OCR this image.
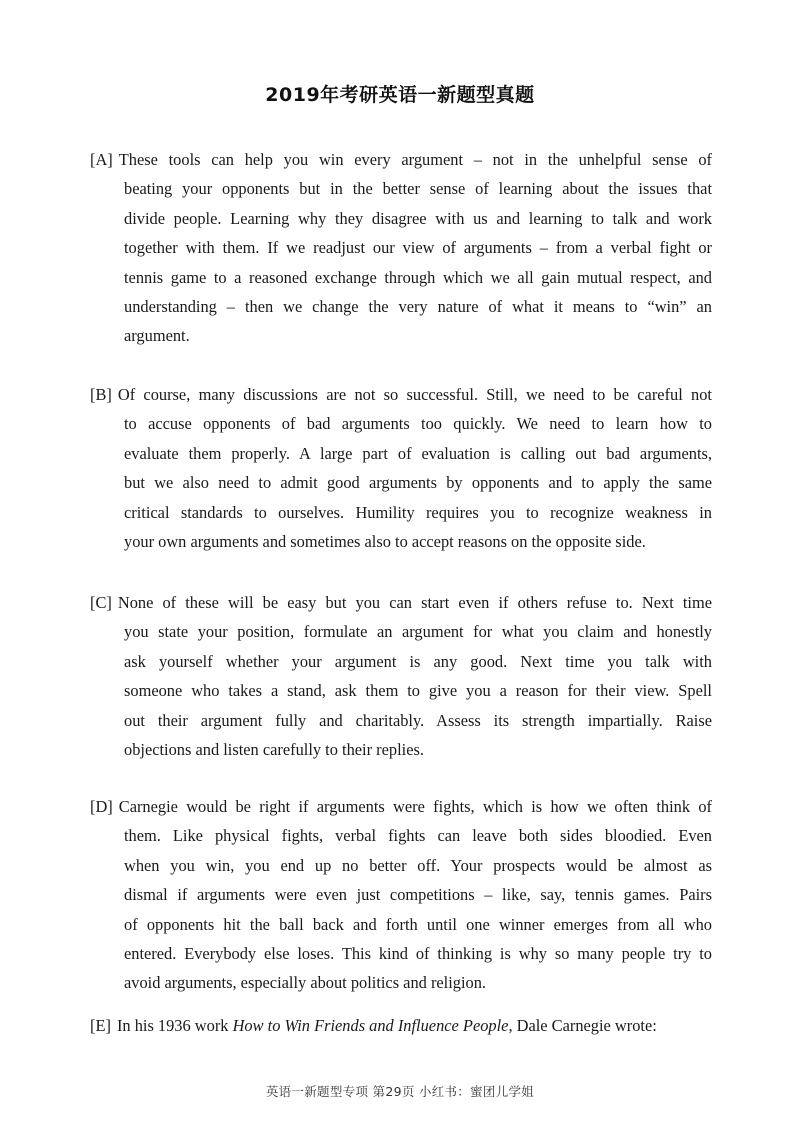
2019年考研英语一新题型真题
[A] These tools can help you win every argument – not in the unhelpful sense of
beating your opponents but in the better sense of learning about the issues that
divide people. Learning why they disagree with us and learning to talk and work
together with them. If we readjust our view of arguments – from a verbal fight or
tennis game to a reasoned exchange through which we all gain mutual respect, and
understanding – then we change the very nature of what it means to “win” an
argument.
[B] Of course, many discussions are not so successful. Still, we need to be careful not
to accuse opponents of bad arguments too quickly. We need to learn how to
evaluate them properly. A large part of evaluation is calling out bad arguments,
but we also need to admit good arguments by opponents and to apply the same
critical standards to ourselves. Humility requires you to recognize weakness in
your own arguments and sometimes also to accept reasons on the opposite side.
[C] None of these will be easy but you can start even if others refuse to. Next time
you state your position, formulate an argument for what you claim and honestly
ask yourself whether your argument is any good. Next time you talk with
someone who takes a stand, ask them to give you a reason for their view. Spell
out their argument fully and charitably. Assess its strength impartially. Raise
objections and listen carefully to their replies.
[D] Carnegie would be right if arguments were fights, which is how we often think of
them. Like physical fights, verbal fights can leave both sides bloodied. Even
when you win, you end up no better off. Your prospects would be almost as
dismal if arguments were even just competitions – like, say, tennis games. Pairs
of opponents hit the ball back and forth until one winner emerges from all who
entered. Everybody else loses. This kind of thinking is why so many people try to
avoid arguments, especially about politics and religion.
[E] In his 1936 work How to Win Friends and Influence People, Dale Carnegie wrote:
英语一新题型专项 第29页 小红书：蜜团儿学姐
